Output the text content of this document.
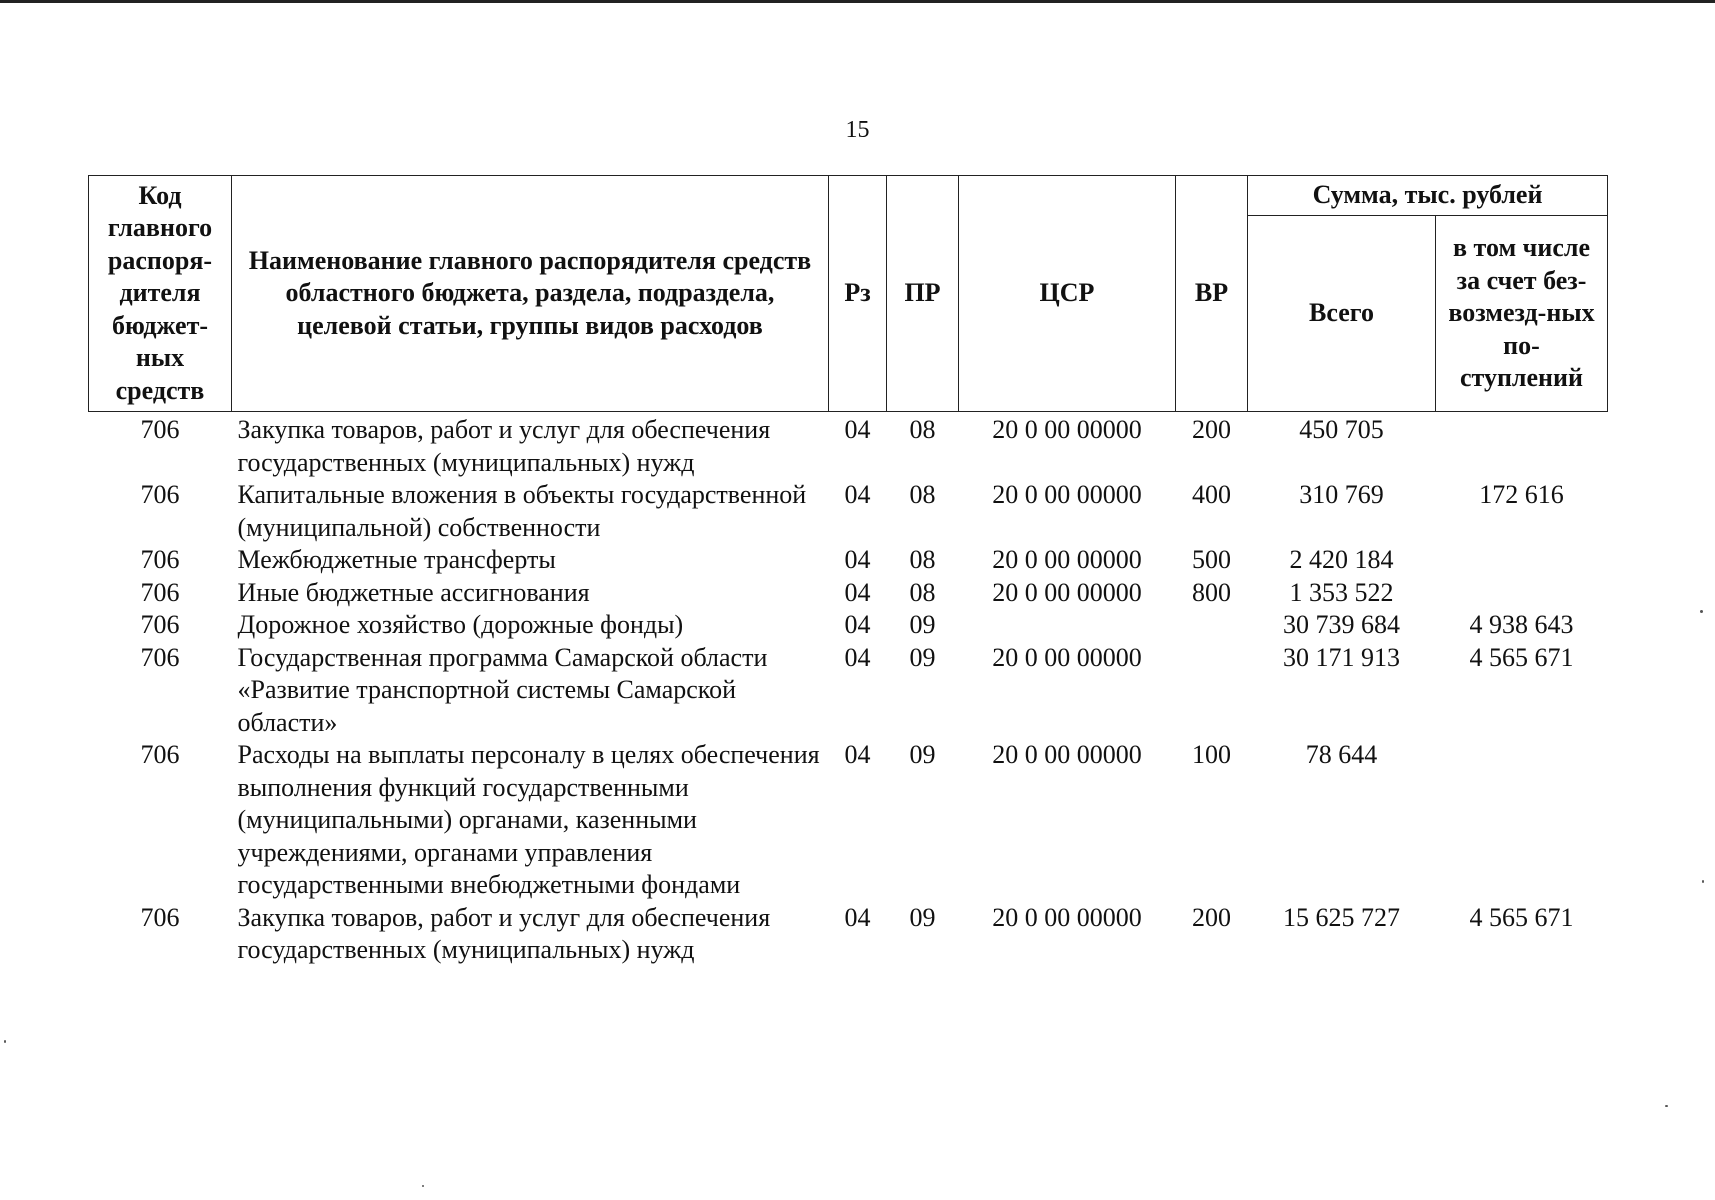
15
Код главного распоря-дителя бюджет-ных средств	Наименование главного распорядителя средств областного бюджета, раздела, подраздела, целевой статьи, группы видов расходов	Рз	ПР	ЦСР	ВР	Сумма, тыс. рублей	
						Всего	в том числе за счет без-возмезд-ных по-ступлений
706	Закупка товаров, работ и услуг для обеспечения государственных (муниципальных) нужд	04	08	20 0 00 00000	200	450 705	
706	Капитальные вложения в объекты государственной (муниципальной) собственности	04	08	20 0 00 00000	400	310 769	172 616
706	Межбюджетные трансферты	04	08	20 0 00 00000	500	2 420 184	
706	Иные бюджетные ассигнования	04	08	20 0 00 00000	800	1 353 522	
706	Дорожное хозяйство (дорожные фонды)	04	09			30 739 684	4 938 643
706	Государственная программа Самарской области «Развитие транспортной системы Самарской области»	04	09	20 0 00 00000		30 171 913	4 565 671
706	Расходы на выплаты персоналу в целях обеспечения выполнения функций государственными (муниципальными) органами, казенными учреждениями, органами управления государственными внебюджетными фондами	04	09	20 0 00 00000	100	78 644	
706	Закупка товаров, работ и услуг для обеспечения государственных (муниципальных) нужд	04	09	20 0 00 00000	200	15 625 727	4 565 671
